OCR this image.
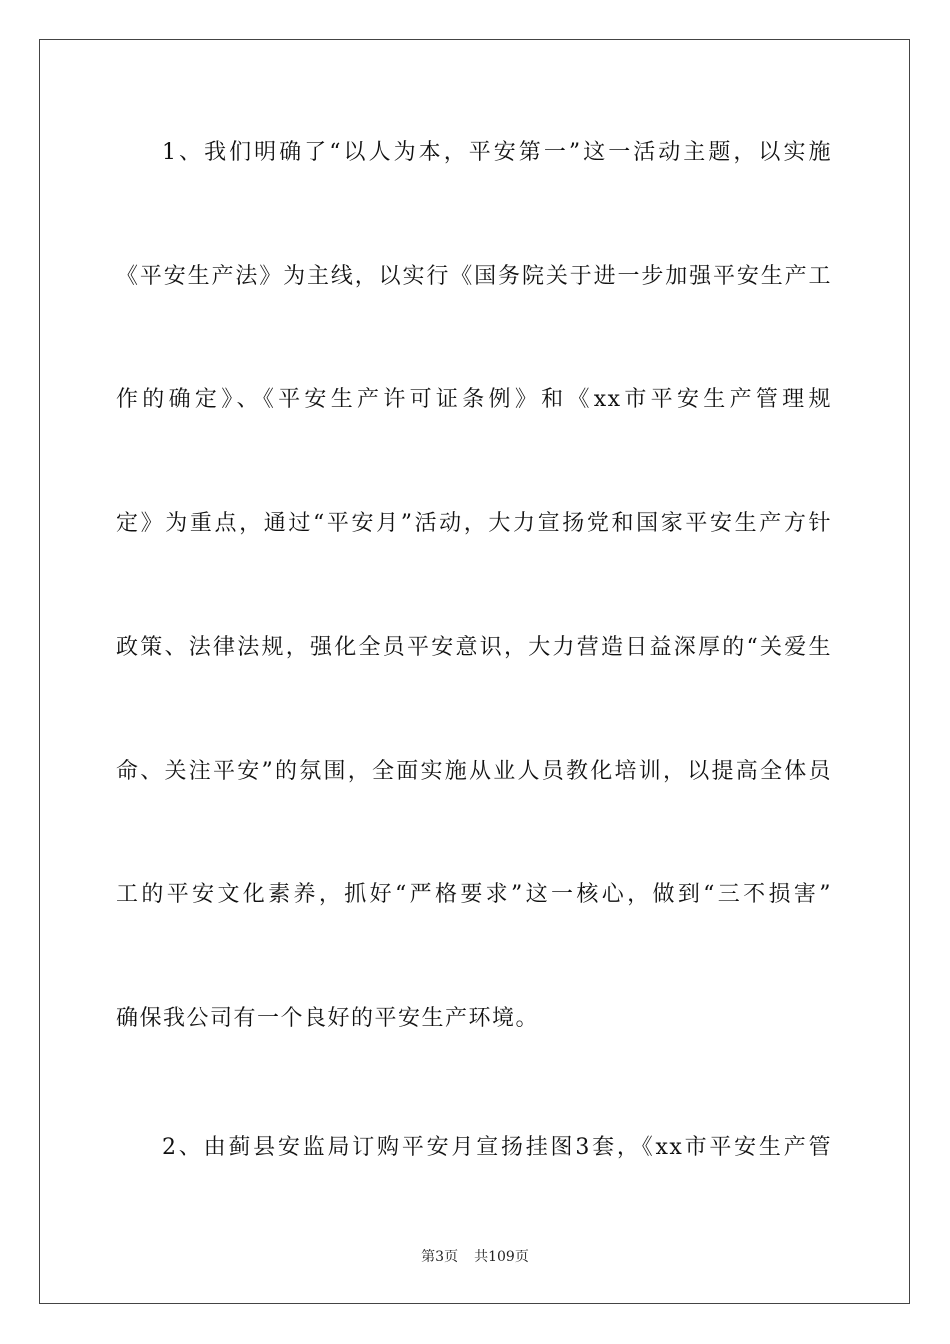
1、我们明确了“以人为本，平安第一”这一活动主题，以实施
《平安生产法》为主线，以实行《国务院关于进一步加强平安生产工
作的确定》、《平安生产许可证条例》和《xx市平安生产管理规
定》为重点，通过“平安月”活动，大力宣扬党和国家平安生产方针
政策、法律法规，强化全员平安意识，大力营造日益深厚的“关爱生
命、关注平安”的氛围，全面实施从业人员教化培训，以提高全体员
工的平安文化素养，抓好“严格要求”这一核心，做到“三不损害”
确保我公司有一个良好的平安生产环境。
2、由蓟县安监局订购平安月宣扬挂图3套，《xx市平安生产管
第3页 共109页
